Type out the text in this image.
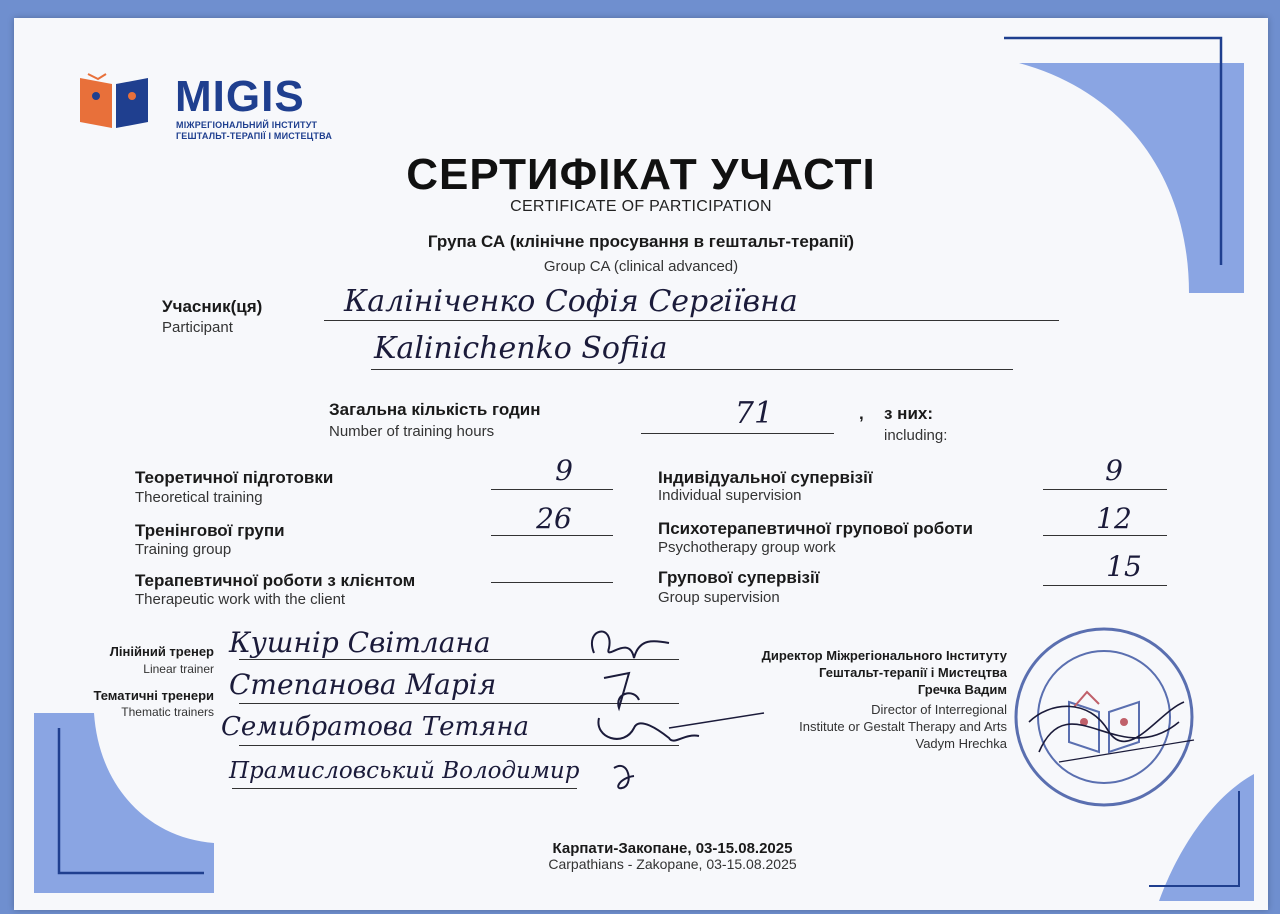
MIGIS
МІЖРЕГІОНАЛЬНИЙ ІНСТИТУТ
ГЕШТАЛЬТ-ТЕРАПІЇ І МИСТЕЦТВА
СЕРТИФІКАТ УЧАСТІ
CERTIFICATE OF PARTICIPATION
Група СА (клінічне просування в гештальт-терапії)
Group CA (clinical advanced)
Учасник(ця)
Participant
Калініченко Софія Сергіївна
Kalinichenko Sofiia
Загальна кількість годин
Number of training hours
71	, з них:
including:
Теоретичної підготовки
Theoretical training
9
Тренінгової групи
Training group
26
Терапевтичної роботи з клієнтом
Therapeutic work with the client
Індивідуальної супервізії
Individual supervision
9
Психотерапевтичної групової роботи
Psychotherapy group work
12
Групової супервізії
Group supervision
15
Лінійний тренер
Linear trainer
Тематичні тренери
Thematic trainers
Кушнір Світлана
Степанова Марія
Семибратова Тетяна
Прамисловський Володимир
Директор Міжрегіонального Інституту
Гештальт-терапії і Мистецтва
Гречка Вадим
Director of Interregional
Institute or Gestalt Therapy and Arts
Vadym Hrechka
Карпати-Закопане, 03-15.08.2025
Carpathians - Zakopane, 03-15.08.2025
